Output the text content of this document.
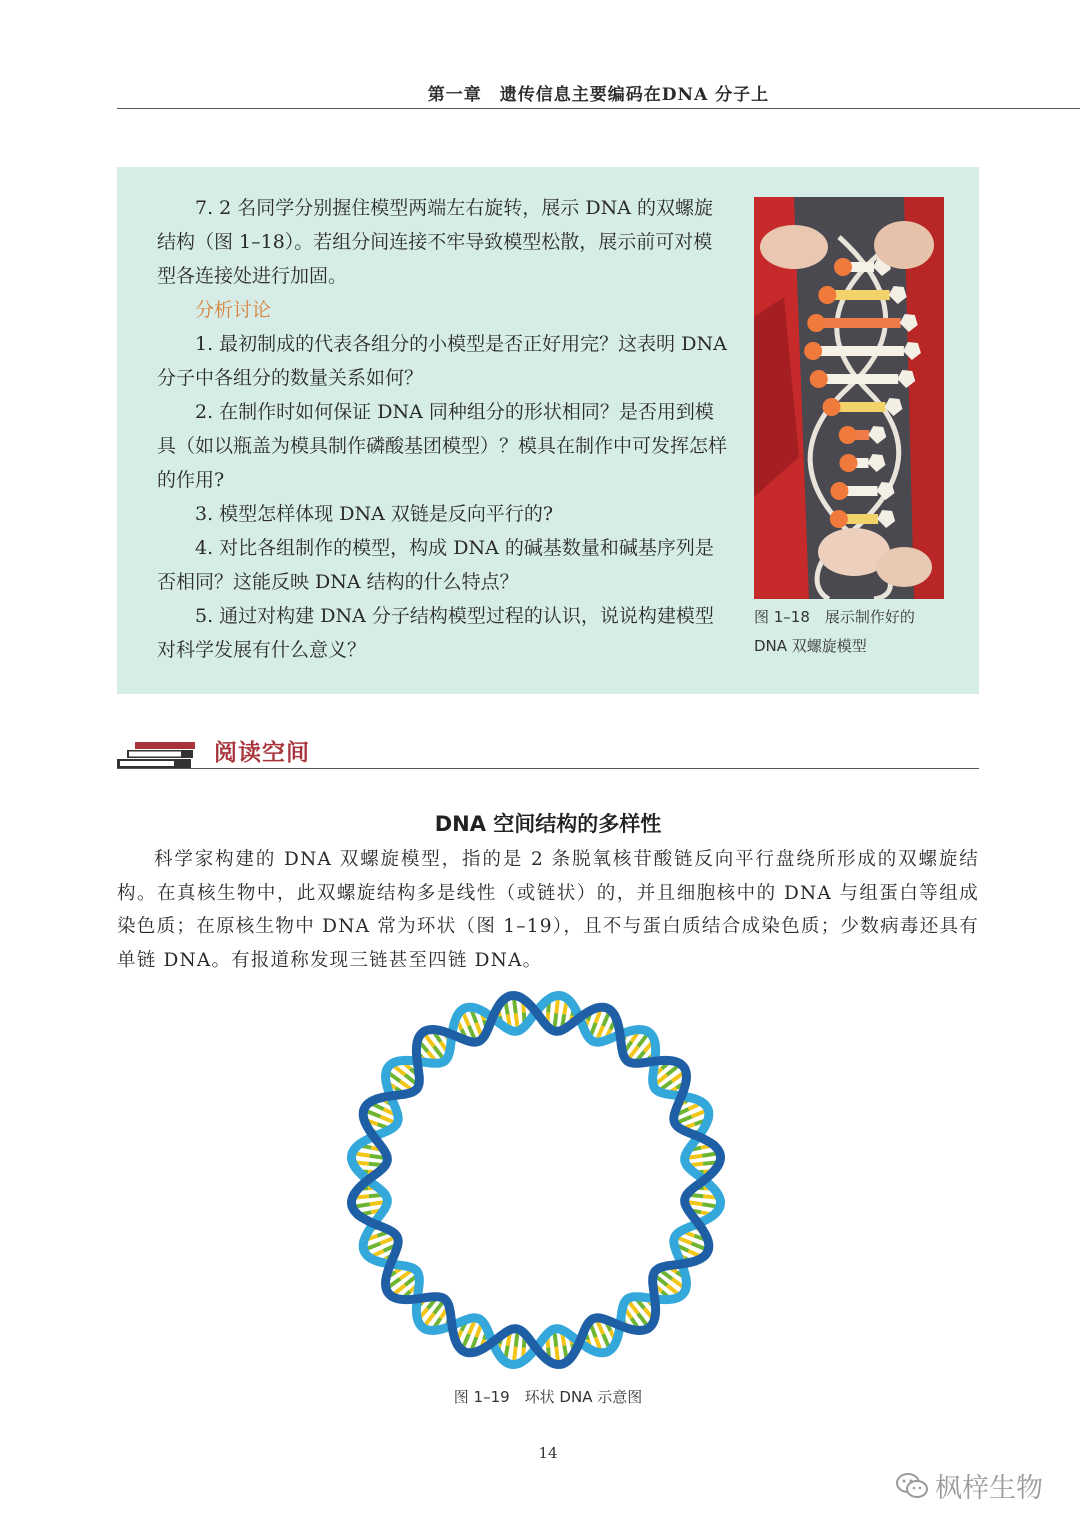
第一章　遗传信息主要编码在DNA 分子上

7. 2 名同学分别握住模型两端左右旋转，展示 DNA 的双螺旋结构（图 1–18）。若组分间连接不牢导致模型松散，展示前可对模型各连接处进行加固。

分析讨论

1. 最初制成的代表各组分的小模型是否正好用完？这表明 DNA 分子中各组分的数量关系如何？

2. 在制作时如何保证 DNA 同种组分的形状相同？是否用到模具（如以瓶盖为模具制作磷酸基团模型）？模具在制作中可发挥怎样的作用?

3. 模型怎样体现 DNA 双链是反向平行的?

4. 对比各组制作的模型，构成 DNA 的碱基数量和碱基序列是否相同？这能反映 DNA 结构的什么特点？

5. 通过对构建 DNA 分子结构模型过程的认识，说说构建模型对科学发展有什么意义？

图 1–18　展示制作好的
DNA 双螺旋模型
阅读空间
DNA 空间结构的多样性

科学家构建的 DNA 双螺旋模型，指的是 2 条脱氧核苷酸链反向平行盘绕所形成的双螺旋结构。在真核生物中，此双螺旋结构多是线性（或链状）的，并且细胞核中的 DNA 与组蛋白等组成染色质；在原核生物中 DNA 常为环状（图 1–19），且不与蛋白质结合成染色质；少数病毒还具有单链 DNA。有报道称发现三链甚至四链 DNA。

图 1–19　环状 DNA 示意图
14
枫梓生物
